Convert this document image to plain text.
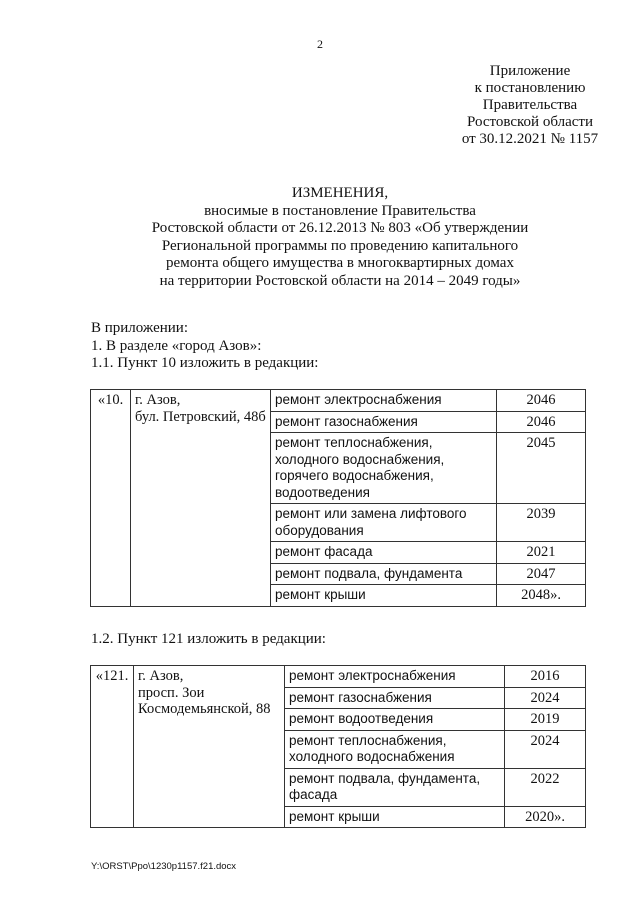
2
Приложение
к постановлению
Правительства
Ростовской области
от 30.12.2021 № 1157
ИЗМЕНЕНИЯ,
вносимые в постановление Правительства
Ростовской области от 26.12.2013 № 803 «Об утверждении
Региональной программы по проведению капитального
ремонта общего имущества в многоквартирных домах
на территории Ростовской области на 2014 – 2049 годы»
В приложении:
1. В разделе «город Азов»:
1.1. Пункт 10 изложить в редакции:
«10.	г. Азов,
бул. Петровский, 48б	ремонт электроснабжения	2046
		ремонт газоснабжения	2046
		ремонт теплоснабжения,
холодного водоснабжения,
горячего водоснабжения,
водоотведения	2045
		ремонт или замена лифтового
оборудования	2039
		ремонт фасада	2021
		ремонт подвала, фундамента	2047
		ремонт крыши	2048».
1.2. Пункт 121 изложить в редакции:
«121.	г. Азов,
просп. Зои
Космодемьянской, 88	ремонт электроснабжения	2016
		ремонт газоснабжения	2024
		ремонт водоотведения	2019
		ремонт теплоснабжения,
холодного водоснабжения	2024
		ремонт подвала, фундамента,
фасада	2022
		ремонт крыши	2020».
Y:\ORST\Ppo\1230p1157.f21.docx
